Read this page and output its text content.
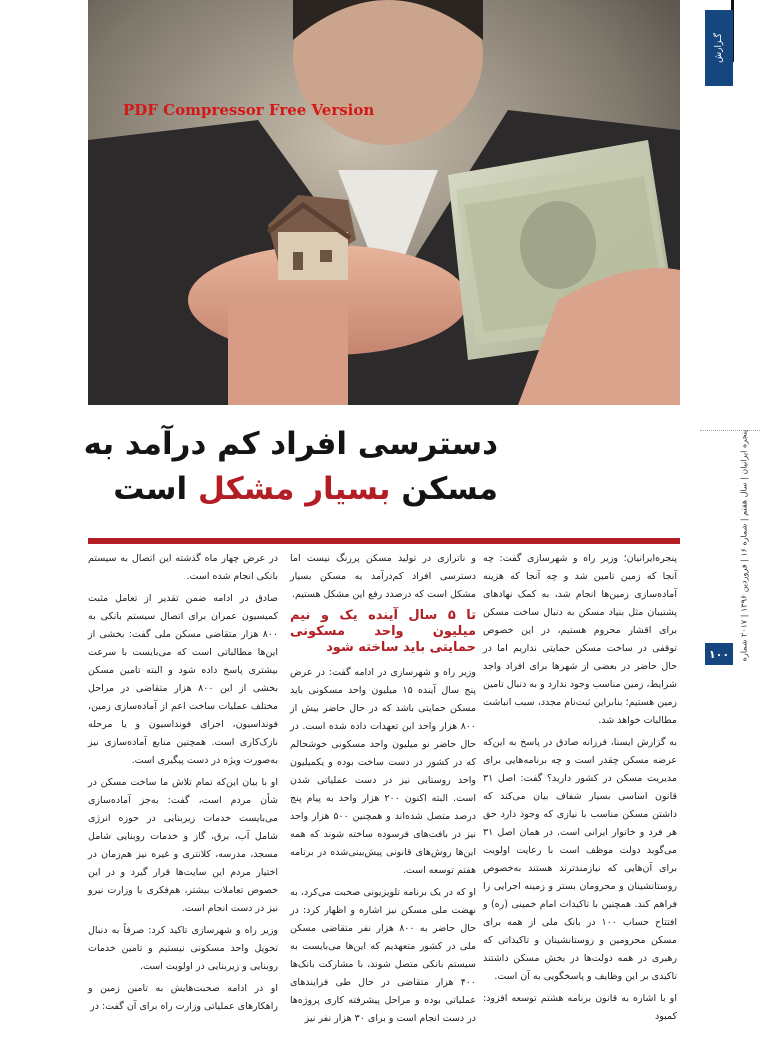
PDF Compressor Free Version
گـزارش
دسترسی افراد کم درآمد به
مسکن بسیار مشکل است
پنجره ایرانیان | سال هفتم | شماره ۱۶ | فروردین ۱۳۹۶ | ۲۰۱۷ شماره
۱۰۰

پنجره‌ایرانیان؛ وزیر راه و شهرسازی گفت: چه آنجا که زمین تامین شد و چه آنجا که هزینه آماده‌سازی زمین‌ها انجام شد، به کمک نهادهای پشتیبان مثل بنیاد مسکن به دنبال ساخت مسکن برای اقشار محروم هستیم، در این خصوص توقفی در ساخت مسکن حمایتی نداریم اما در حال حاضر در بعضی از شهرها برای افراد واجد شرایط، زمین مناسب وجود ندارد و به دنبال تامین زمین هستیم؛ بنابراین ثبت‌نام مجدد، سبب انباشت مطالبات خواهد شد.

به گزارش ایسنا، فرزانه صادق در پاسخ به این‌که عرضه مسکن چقدر است و چه برنامه‌هایی برای مدیریت مسکن در کشور دارید؟ گفت: اصل ۳۱ قانون اساسی بسیار شفاف بیان می‌کند که داشتن مسکن مناسب با نیازی که وجود دارد حق هر فرد و خانوار ایرانی است. در همان اصل ۳۱ می‌گوید دولت موظف است با رعایت اولویت برای آن‌هایی که نیازمندترند هستند به‌خصوص روستانشینان و محرومان بستر و زمینه اجرایی را فراهم کند. همچنین با تاکیدات امام خمینی (ره) و افتتاح حساب ۱۰۰ در بانک ملی از همه برای مسکن محرومین و روستانشینان و تاکیداتی که رهبری در همه دولت‌ها در بخش مسکن داشتند تاکیدی بر این وظایف و پاسخگویی به آن است.

او با اشاره به قانون برنامه هشتم توسعه افزود: کمبود

و ناترازی در تولید مسکن پررنگ نیست اما دسترسی افراد کم‌درآمد به مسکن بسیار مشکل است که درصدد رفع این مشکل هستیم.

تا ۵ سال آینده یک و نیم میلیون واحد مسکونی حمایتی باید ساخته شود

وزیر راه و شهرسازی در ادامه گفت: در عرض پنج سال آینده ۱۵ میلیون واحد مسکونی باید مسکن حمایتی باشد که در حال حاضر بیش از ۸۰۰ هزار واحد این تعهدات داده شده است. در حال حاضر نو میلیون واحد مسکونی خوشحالم که در کشور در دست ساخت بوده و یکمیلیون واحد روستایی نیز در دست عملیاتی شدن است. البته اکنون ۲۰۰ هزار واحد به پیام پنج درصد متصل شده‌اند و همچنین ۵۰۰ هزار واحد نیز در بافت‌های فرسوده ساخته شوند که همه این‌ها روش‌های قانونی پیش‌بینی‌شده در برنامه هفتم توسعه است.

او که در یک برنامه تلویزیونی صحبت می‌کرد، به نهضت ملی مسکن نیز اشاره و اظهار کرد: در حال حاضر به ۸۰۰ هزار نفر متقاضی مسکن ملی در کشور متعهدیم که این‌ها می‌بایست به سیستم بانکی متصل شوند، با مشارکت بانک‌ها ۴۰۰ هزار متقاضی در حال طی فرایندهای عملیاتی بوده و مراحل پیشرفته کاری پروژه‌ها در دست انجام است و برای ۳۰ هزار نفر نیز

در عرض چهار ماه گذشته این اتصال به سیستم بانکی انجام شده است.

صادق در ادامه ضمن تقدیر از تعامل مثبت کمیسیون عمران برای اتصال سیستم بانکی به ۸۰۰ هزار متقاضی مسکن ملی گفت: بخشی از این‌ها مطالباتی است که می‌بایست با سرعت بیشتری پاسخ داده شود و البته تامین مسکن بخشی از این ۸۰۰ هزار متقاضی در مراحل مختلف عملیات ساخت اعم از آماده‌سازی زمین، فونداسیون، اجرای فونداسیون و یا مرحله نازک‌کاری است. همچنین منابع آماده‌سازی نیز به‌صورت ویژه در دست پیگیری است.

او با بیان این‌که تمام تلاش ما ساخت مسکن در شأن مردم است، گفت: به‌جز آماده‌سازی می‌بایست خدمات زیربنایی در حوزه انرژی شامل آب، برق، گاز و خدمات روبنایی شامل مسجد، مدرسه، کلانتری و غیره نیز هم‌زمان در اختیار مردم این سایت‌ها قرار گیرد و در این خصوص تعاملات بیشتر، هم‌فکری با وزارت نیرو نیز در دست انجام است.

وزیر راه و شهرسازی تاکید کرد: صرفاً به دنبال تحویل واحد مسکونی نیستیم و تامین خدمات روبنایی و زیربنایی در اولویت است.

او در ادامه صحبت‌هایش به تامین زمین و راهکارهای عملیاتی وزارت راه برای آن گفت: در
